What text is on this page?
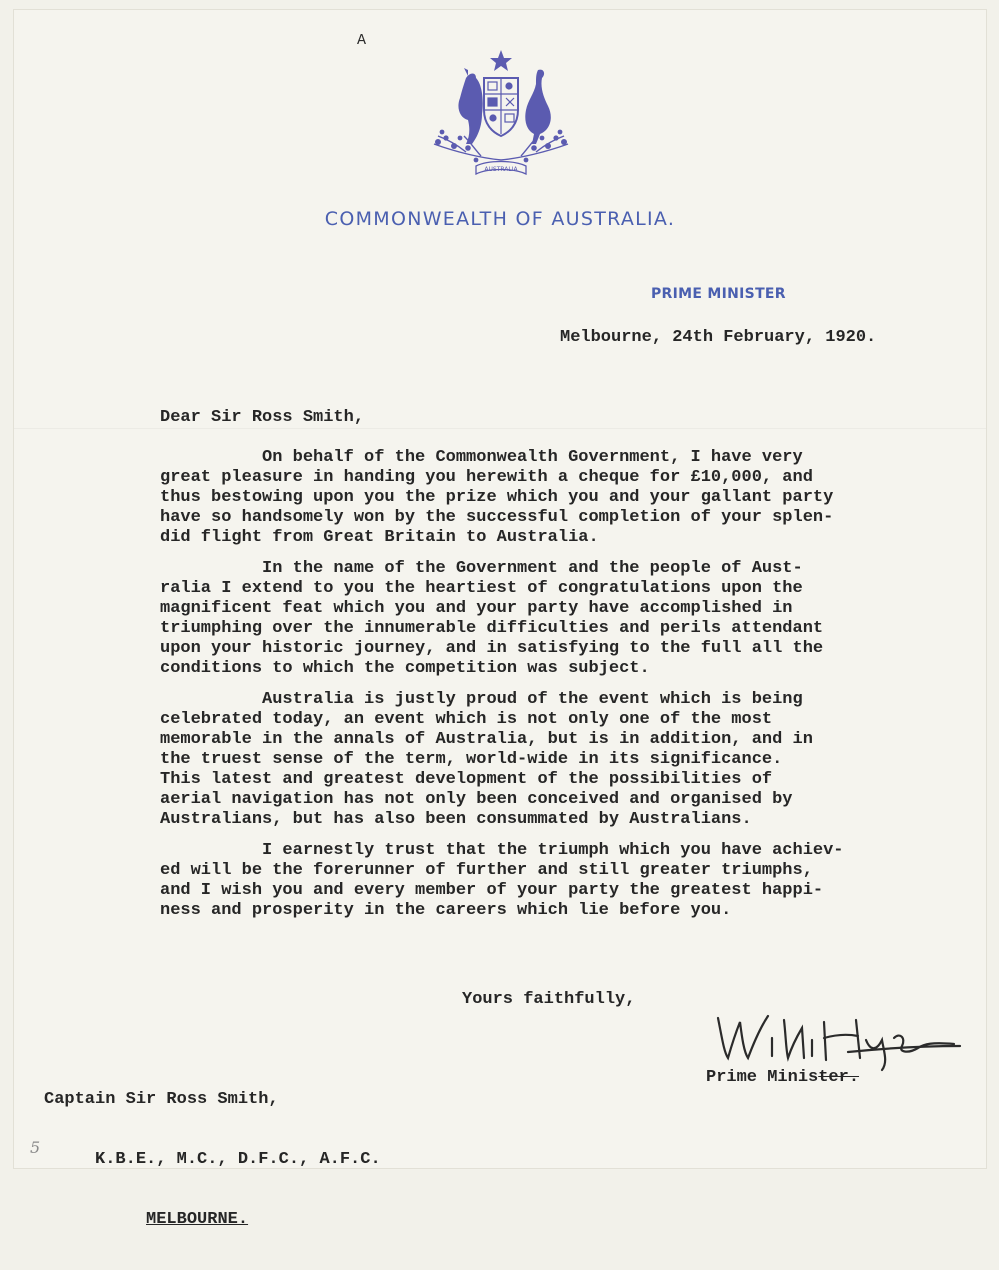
A
AUSTRALIA
COMMONWEALTH OF AUSTRALIA.
PRIME MINISTER
Melbourne, 24th February, 1920.
Dear Sir Ross Smith,
On behalf of the Commonwealth Government, I have very
great pleasure in handing you herewith a cheque for £10,000, and
thus bestowing upon you the prize which you and your gallant party
have so handsomely won by the successful completion of your splen-
did flight from Great Britain to Australia.
In the name of the Government and the people of Aust-
ralia I extend to you the heartiest of congratulations upon the
magnificent feat which you and your party have accomplished in
triumphing over the innumerable difficulties and perils attendant
upon your historic journey, and in satisfying to the full all the
conditions to which the competition was subject.
Australia is justly proud of the event which is being
celebrated today, an event which is not only one of the most
memorable in the annals of Australia, but is in addition, and in
the truest sense of the term, world-wide in its significance.
This latest and greatest development of the possibilities of
aerial navigation has not only been conceived and organised by
Australians, but has also been consummated by Australians.
I earnestly trust that the triumph which you have achiev-
ed will be the forerunner of further and still greater triumphs,
and I wish you and every member of your party the greatest happi-
ness and prosperity in the careers which lie before you.
Yours faithfully,
Prime Minister.

Captain Sir Ross Smith,

K.B.E., M.C., D.F.C., A.F.C.

MELBOURNE.

5
